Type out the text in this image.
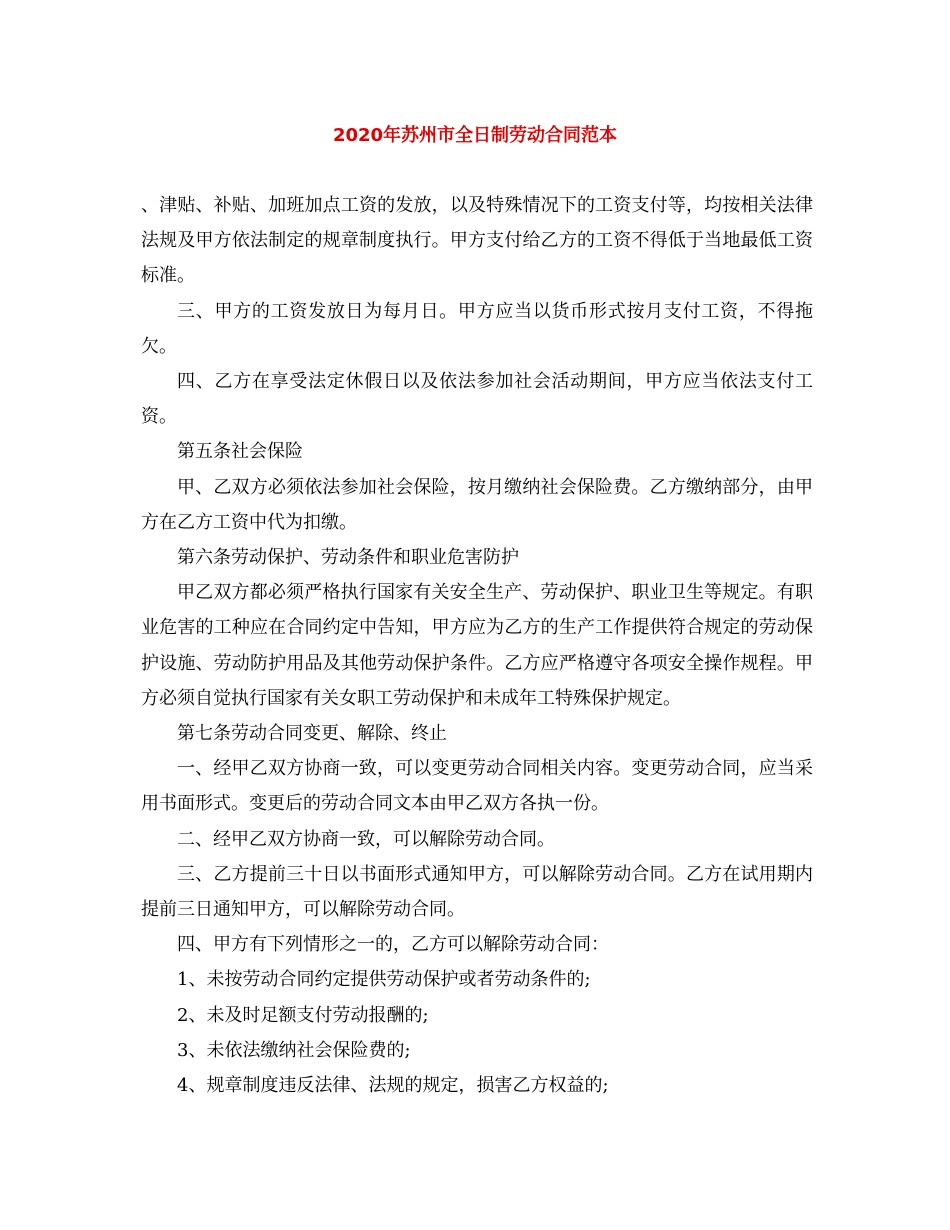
2020年苏州市全日制劳动合同范本

、津贴、补贴、加班加点工资的发放，以及特殊情况下的工资支付等，均按相关法律法规及甲方依法制定的规章制度执行。甲方支付给乙方的工资不得低于当地最低工资标准。

三、甲方的工资发放日为每月日。甲方应当以货币形式按月支付工资，不得拖欠。

四、乙方在享受法定休假日以及依法参加社会活动期间，甲方应当依法支付工资。

第五条社会保险

甲、乙双方必须依法参加社会保险，按月缴纳社会保险费。乙方缴纳部分，由甲方在乙方工资中代为扣缴。

第六条劳动保护、劳动条件和职业危害防护

甲乙双方都必须严格执行国家有关安全生产、劳动保护、职业卫生等规定。有职业危害的工种应在合同约定中告知，甲方应为乙方的生产工作提供符合规定的劳动保护设施、劳动防护用品及其他劳动保护条件。乙方应严格遵守各项安全操作规程。甲方必须自觉执行国家有关女职工劳动保护和未成年工特殊保护规定。

第七条劳动合同变更、解除、终止

一、经甲乙双方协商一致，可以变更劳动合同相关内容。变更劳动合同，应当采用书面形式。变更后的劳动合同文本由甲乙双方各执一份。

二、经甲乙双方协商一致，可以解除劳动合同。

三、乙方提前三十日以书面形式通知甲方，可以解除劳动合同。乙方在试用期内提前三日通知甲方，可以解除劳动合同。

四、甲方有下列情形之一的，乙方可以解除劳动合同：

1、未按劳动合同约定提供劳动保护或者劳动条件的;

2、未及时足额支付劳动报酬的;

3、未依法缴纳社会保险费的;

4、规章制度违反法律、法规的规定，损害乙方权益的;
